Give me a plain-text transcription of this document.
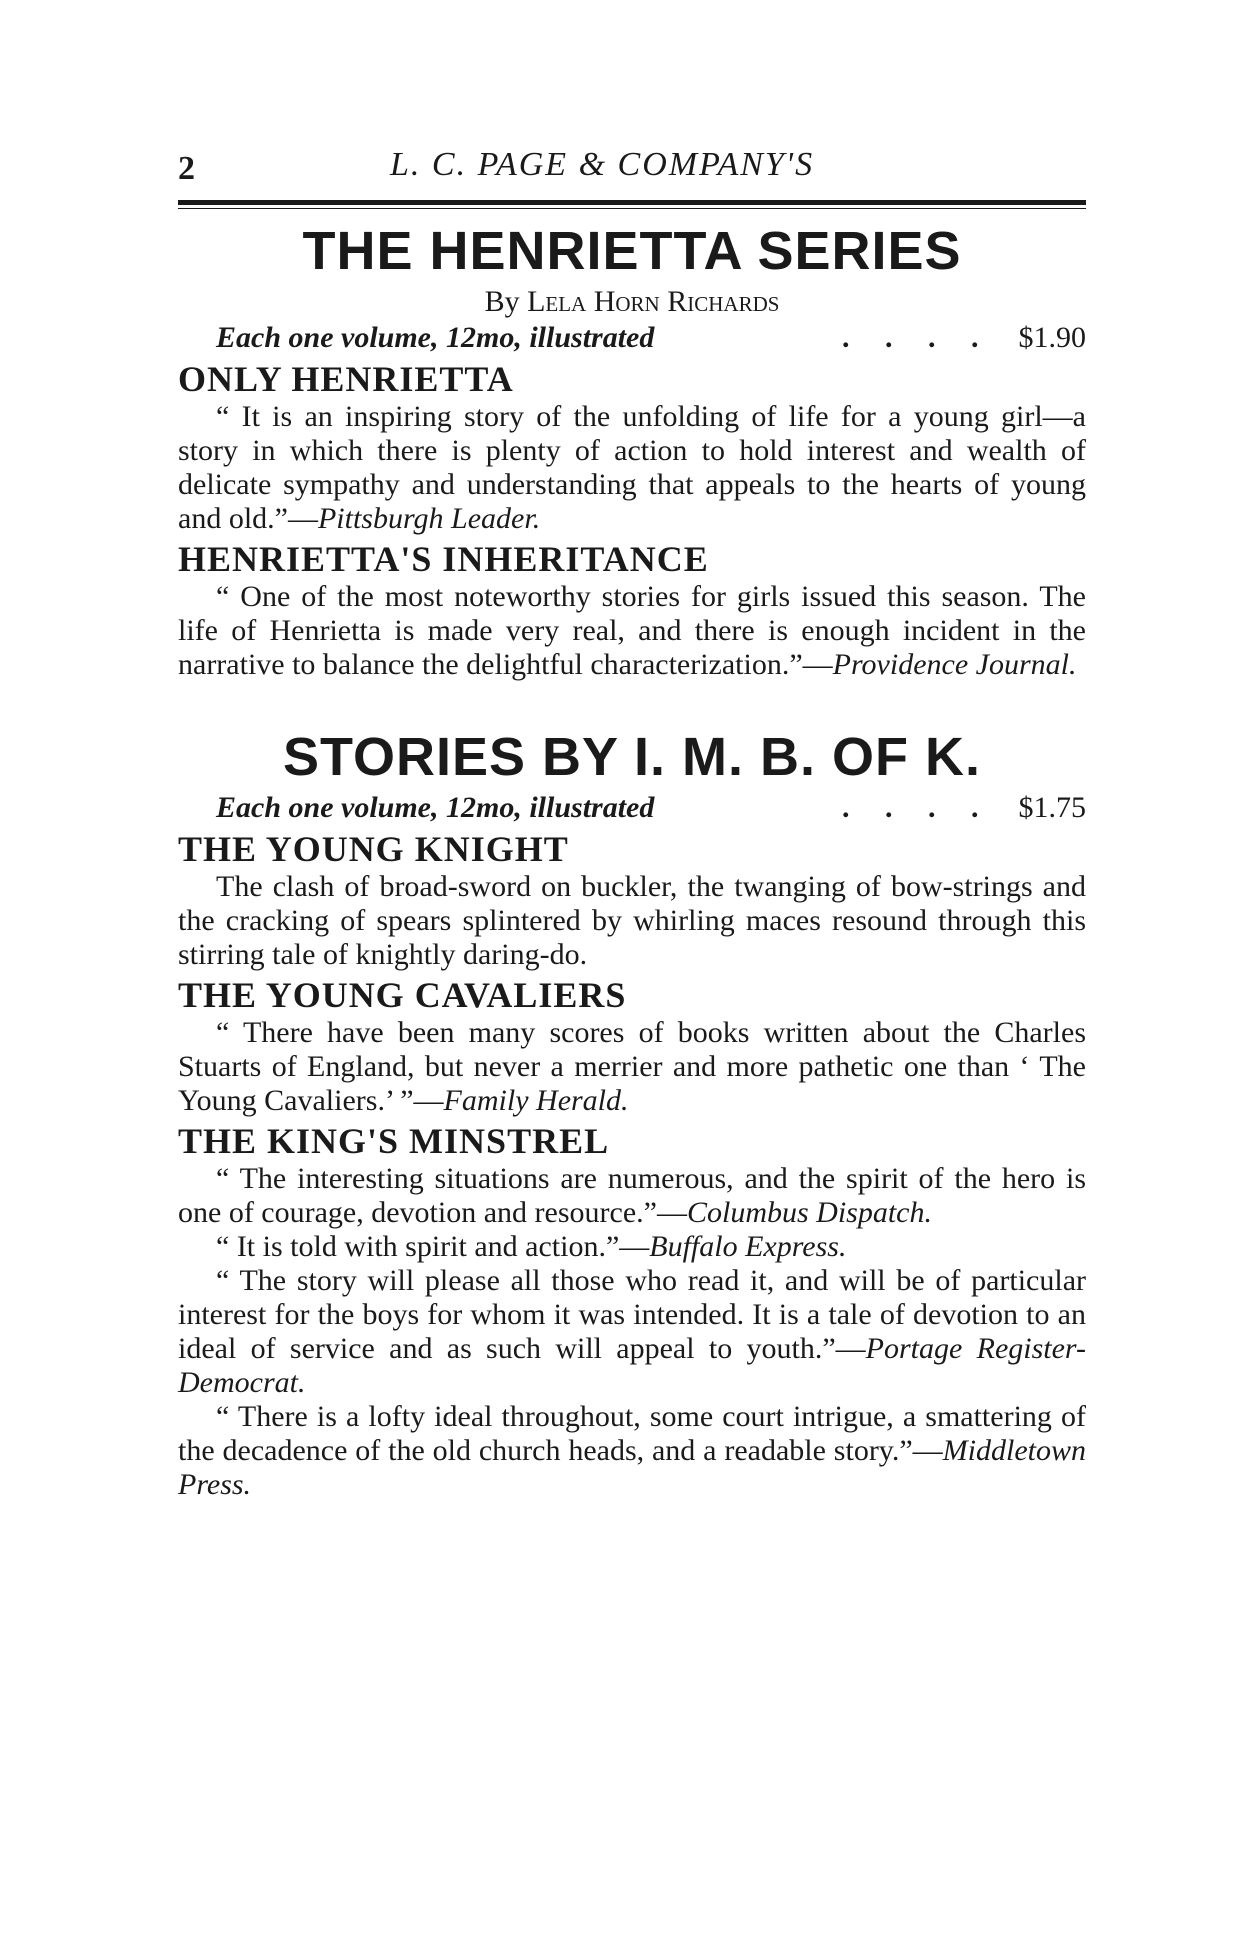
2	L. C. PAGE & COMPANY'S
THE HENRIETTA SERIES

By Lela Horn Richards

Each one volume, 12mo, illustrated	. . . . $1.90
ONLY HENRIETTA

“ It is an inspiring story of the unfolding of life for a young girl—a story in which there is plenty of action to hold interest and wealth of delicate sympathy and understanding that appeals to the hearts of young and old.”—Pittsburgh Leader.

HENRIETTA'S INHERITANCE

“ One of the most noteworthy stories for girls issued this season. The life of Henrietta is made very real, and there is enough incident in the narrative to balance the delightful characterization.”—Providence Journal.

STORIES BY I. M. B. OF K.
Each one volume, 12mo, illustrated	. . . . $1.75
THE YOUNG KNIGHT

The clash of broad-sword on buckler, the twanging of bow-strings and the cracking of spears splintered by whirling maces resound through this stirring tale of knightly daring-do.

THE YOUNG CAVALIERS

“ There have been many scores of books written about the Charles Stuarts of England, but never a merrier and more pathetic one than ‘ The Young Cavaliers.’ ”—Family Herald.

THE KING'S MINSTREL

“ The interesting situations are numerous, and the spirit of the hero is one of courage, devotion and resource.”—Columbus Dispatch.

“ It is told with spirit and action.”—Buffalo Express.

“ The story will please all those who read it, and will be of particular interest for the boys for whom it was intended. It is a tale of devotion to an ideal of service and as such will appeal to youth.”—Portage Register-Democrat.

“ There is a lofty ideal throughout, some court intrigue, a smattering of the decadence of the old church heads, and a readable story.”—Middletown Press.
